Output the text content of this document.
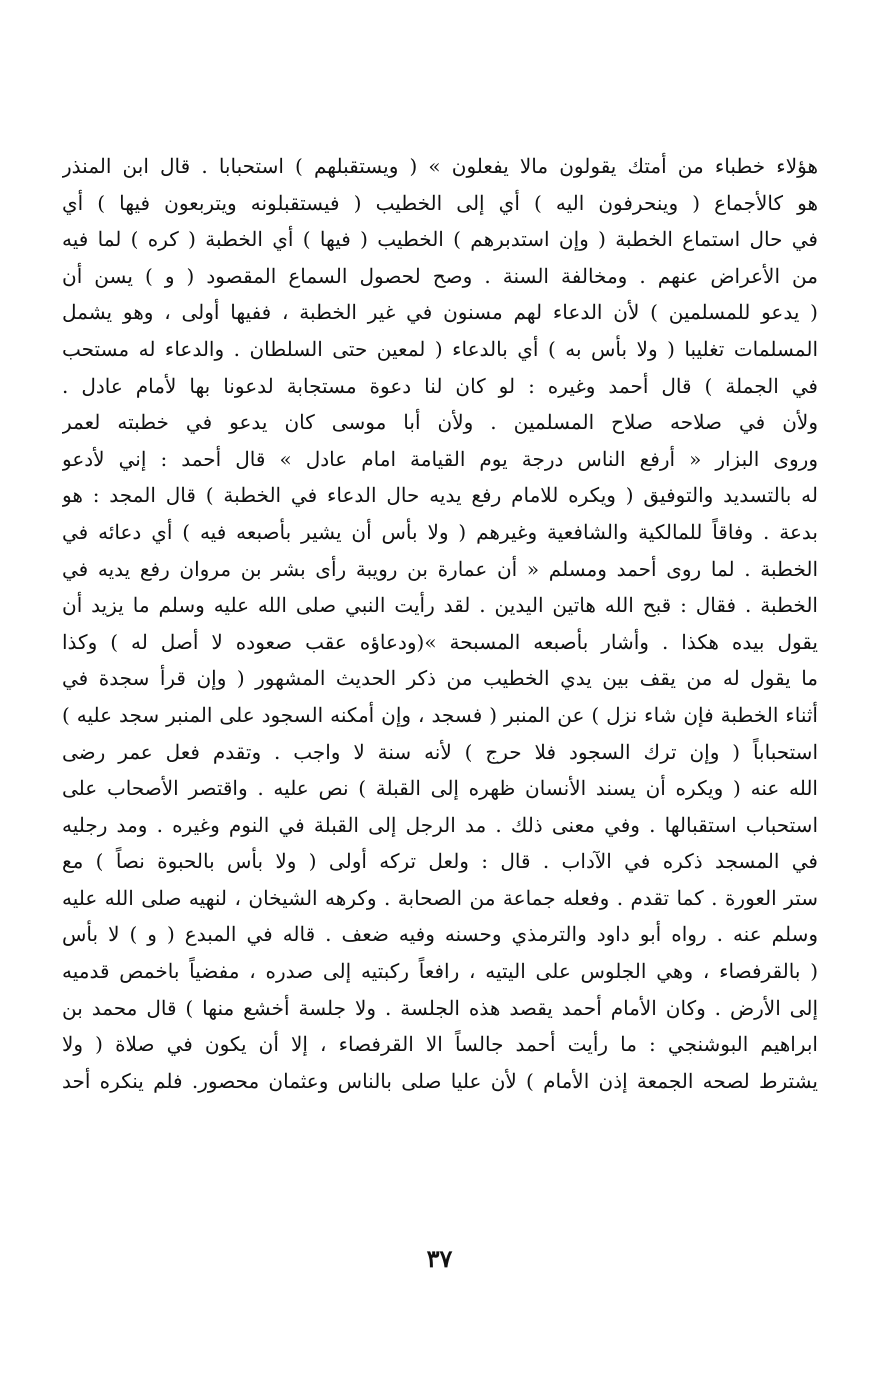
هؤلاء خطباء من أمتك يقولون مالا يفعلون » ( ويستقبلهم ) استحبابا . قال ابن المنذر
هو كالأجماع ( وينحرفون اليه ) أي إلى الخطيب ( فيستقبلونه ويتربعون فيها ) أي
في حال استماع الخطبة ( وإن استدبرهم ) الخطيب ( فيها ) أي الخطبة ( كره ) لما فيه
من الأعراض عنهم . ومخالفة السنة . وصح لحصول السماع المقصود ( و ) يسن أن
( يدعو للمسلمين ) لأن الدعاء لهم مسنون في غير الخطبة ، ففيها أولى ، وهو يشمل
المسلمات تغليبا ( ولا بأس به ) أي بالدعاء ( لمعين حتى السلطان . والدعاء له مستحب
في الجملة ) قال أحمد وغيره : لو كان لنا دعوة مستجابة لدعونا بها لأمام عادل .
ولأن في صلاحه صلاح المسلمين . ولأن أبا موسى كان يدعو في خطبته لعمر
وروى البزار « أرفع الناس درجة يوم القيامة امام عادل » قال أحمد : إني لأدعو
له بالتسديد والتوفيق ( ويكره للامام رفع يديه حال الدعاء في الخطبة ) قال المجد : هو
بدعة . وفاقاً للمالكية والشافعية وغيرهم ( ولا بأس أن يشير بأصبعه فيه ) أي دعائه في
الخطبة . لما روى أحمد ومسلم « أن عمارة بن رويبة رأى بشر بن مروان رفع يديه في
الخطبة . فقال : قبح الله هاتين اليدين . لقد رأيت النبي صلى الله عليه وسلم ما يزيد أن
يقول بيده هكذا . وأشار بأصبعه المسبحة »(ودعاؤه عقب صعوده لا أصل له ) وكذا
ما يقول له من يقف بين يدي الخطيب من ذكر الحديث المشهور ( وإن قرأ سجدة في
أثناء الخطبة فإن شاء نزل ) عن المنبر ( فسجد ، وإن أمكنه السجود على المنبر سجد عليه )
استحباباً ( وإن ترك السجود فلا حرج ) لأنه سنة لا واجب . وتقدم فعل عمر رضى
الله عنه ( ويكره أن يسند الأنسان ظهره إلى القبلة ) نص عليه . واقتصر الأصحاب على
استحباب استقبالها . وفي معنى ذلك . مد الرجل إلى القبلة في النوم وغيره . ومد رجليه
في المسجد ذكره في الآداب . قال : ولعل تركه أولى ( ولا بأس بالحبوة نصاً ) مع
ستر العورة . كما تقدم . وفعله جماعة من الصحابة . وكرهه الشيخان ، لنهيه صلى الله عليه
وسلم عنه . رواه أبو داود والترمذي وحسنه وفيه ضعف . قاله في المبدع ( و ) لا بأس
( بالقرفصاء ، وهي الجلوس على اليتيه ، رافعاً ركبتيه إلى صدره ، مفضياً باخمص قدميه
إلى الأرض . وكان الأمام أحمد يقصد هذه الجلسة . ولا جلسة أخشع منها ) قال محمد بن
ابراهيم البوشنجي : ما رأيت أحمد جالساً الا القرفصاء ، إلا أن يكون في صلاة ( ولا
يشترط لصحه الجمعة إذن الأمام ) لأن عليا صلى بالناس وعثمان محصور. فلم ينكره أحد
٣٧
